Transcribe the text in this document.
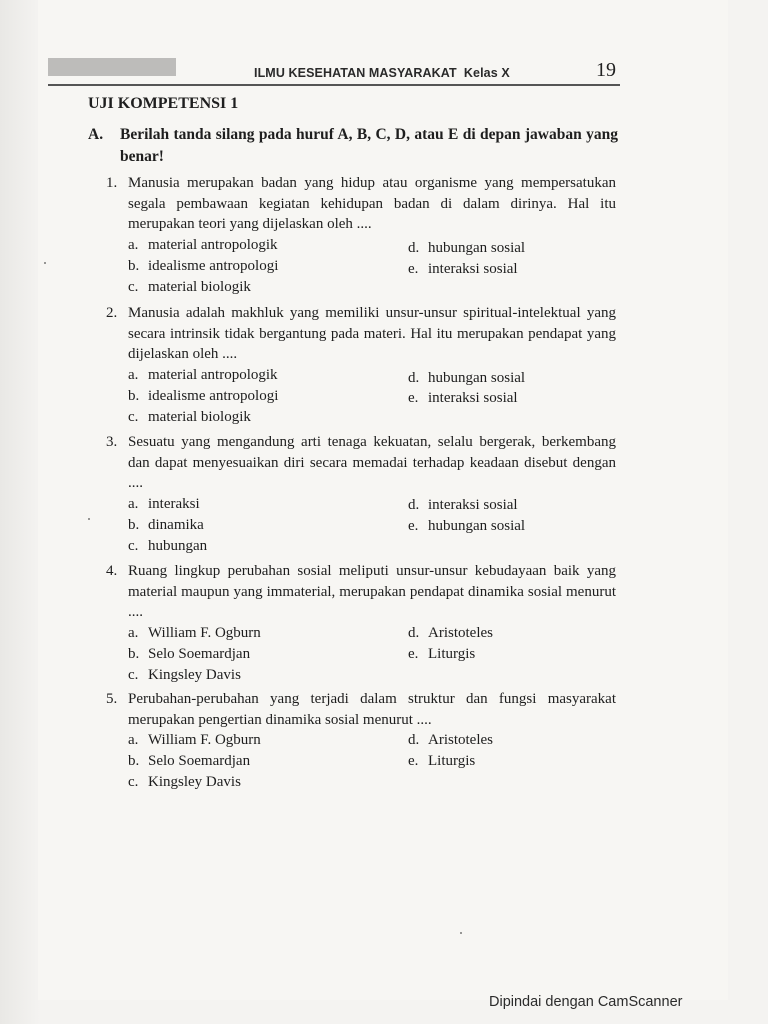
ILMU KESEHATAN MASYARAKAT Kelas X	19
UJI KOMPETENSI 1
A. Berilah tanda silang pada huruf A, B, C, D, atau E di depan jawaban yang benar!
1. Manusia merupakan badan yang hidup atau organisme yang mempersatukan segala pembawaan kegiatan kehidupan badan di dalam dirinya. Hal itu merupakan teori yang dijelaskan oleh ....
a. material antropologik
b. idealisme antropologi
c. material biologik
d. hubungan sosial
e. interaksi sosial
2. Manusia adalah makhluk yang memiliki unsur-unsur spiritual-intelektual yang secara intrinsik tidak bergantung pada materi. Hal itu merupakan pendapat yang dijelaskan oleh ....
a. material antropologik
b. idealisme antropologi
c. material biologik
d. hubungan sosial
e. interaksi sosial
3. Sesuatu yang mengandung arti tenaga kekuatan, selalu bergerak, berkembang dan dapat menyesuaikan diri secara memadai terhadap keadaan disebut dengan ....
a. interaksi
b. dinamika
c. hubungan
d. interaksi sosial
e. hubungan sosial
4. Ruang lingkup perubahan sosial meliputi unsur-unsur kebudayaan baik yang material maupun yang immaterial, merupakan pendapat dinamika sosial menurut ....
a. William F. Ogburn
b. Selo Soemardjan
c. Kingsley Davis
d. Aristoteles
e. Liturgis
5. Perubahan-perubahan yang terjadi dalam struktur dan fungsi masyarakat merupakan pengertian dinamika sosial menurut ....
a. William F. Ogburn
b. Selo Soemardjan
c. Kingsley Davis
d. Aristoteles
e. Liturgis
Dipindai dengan CamScanner
